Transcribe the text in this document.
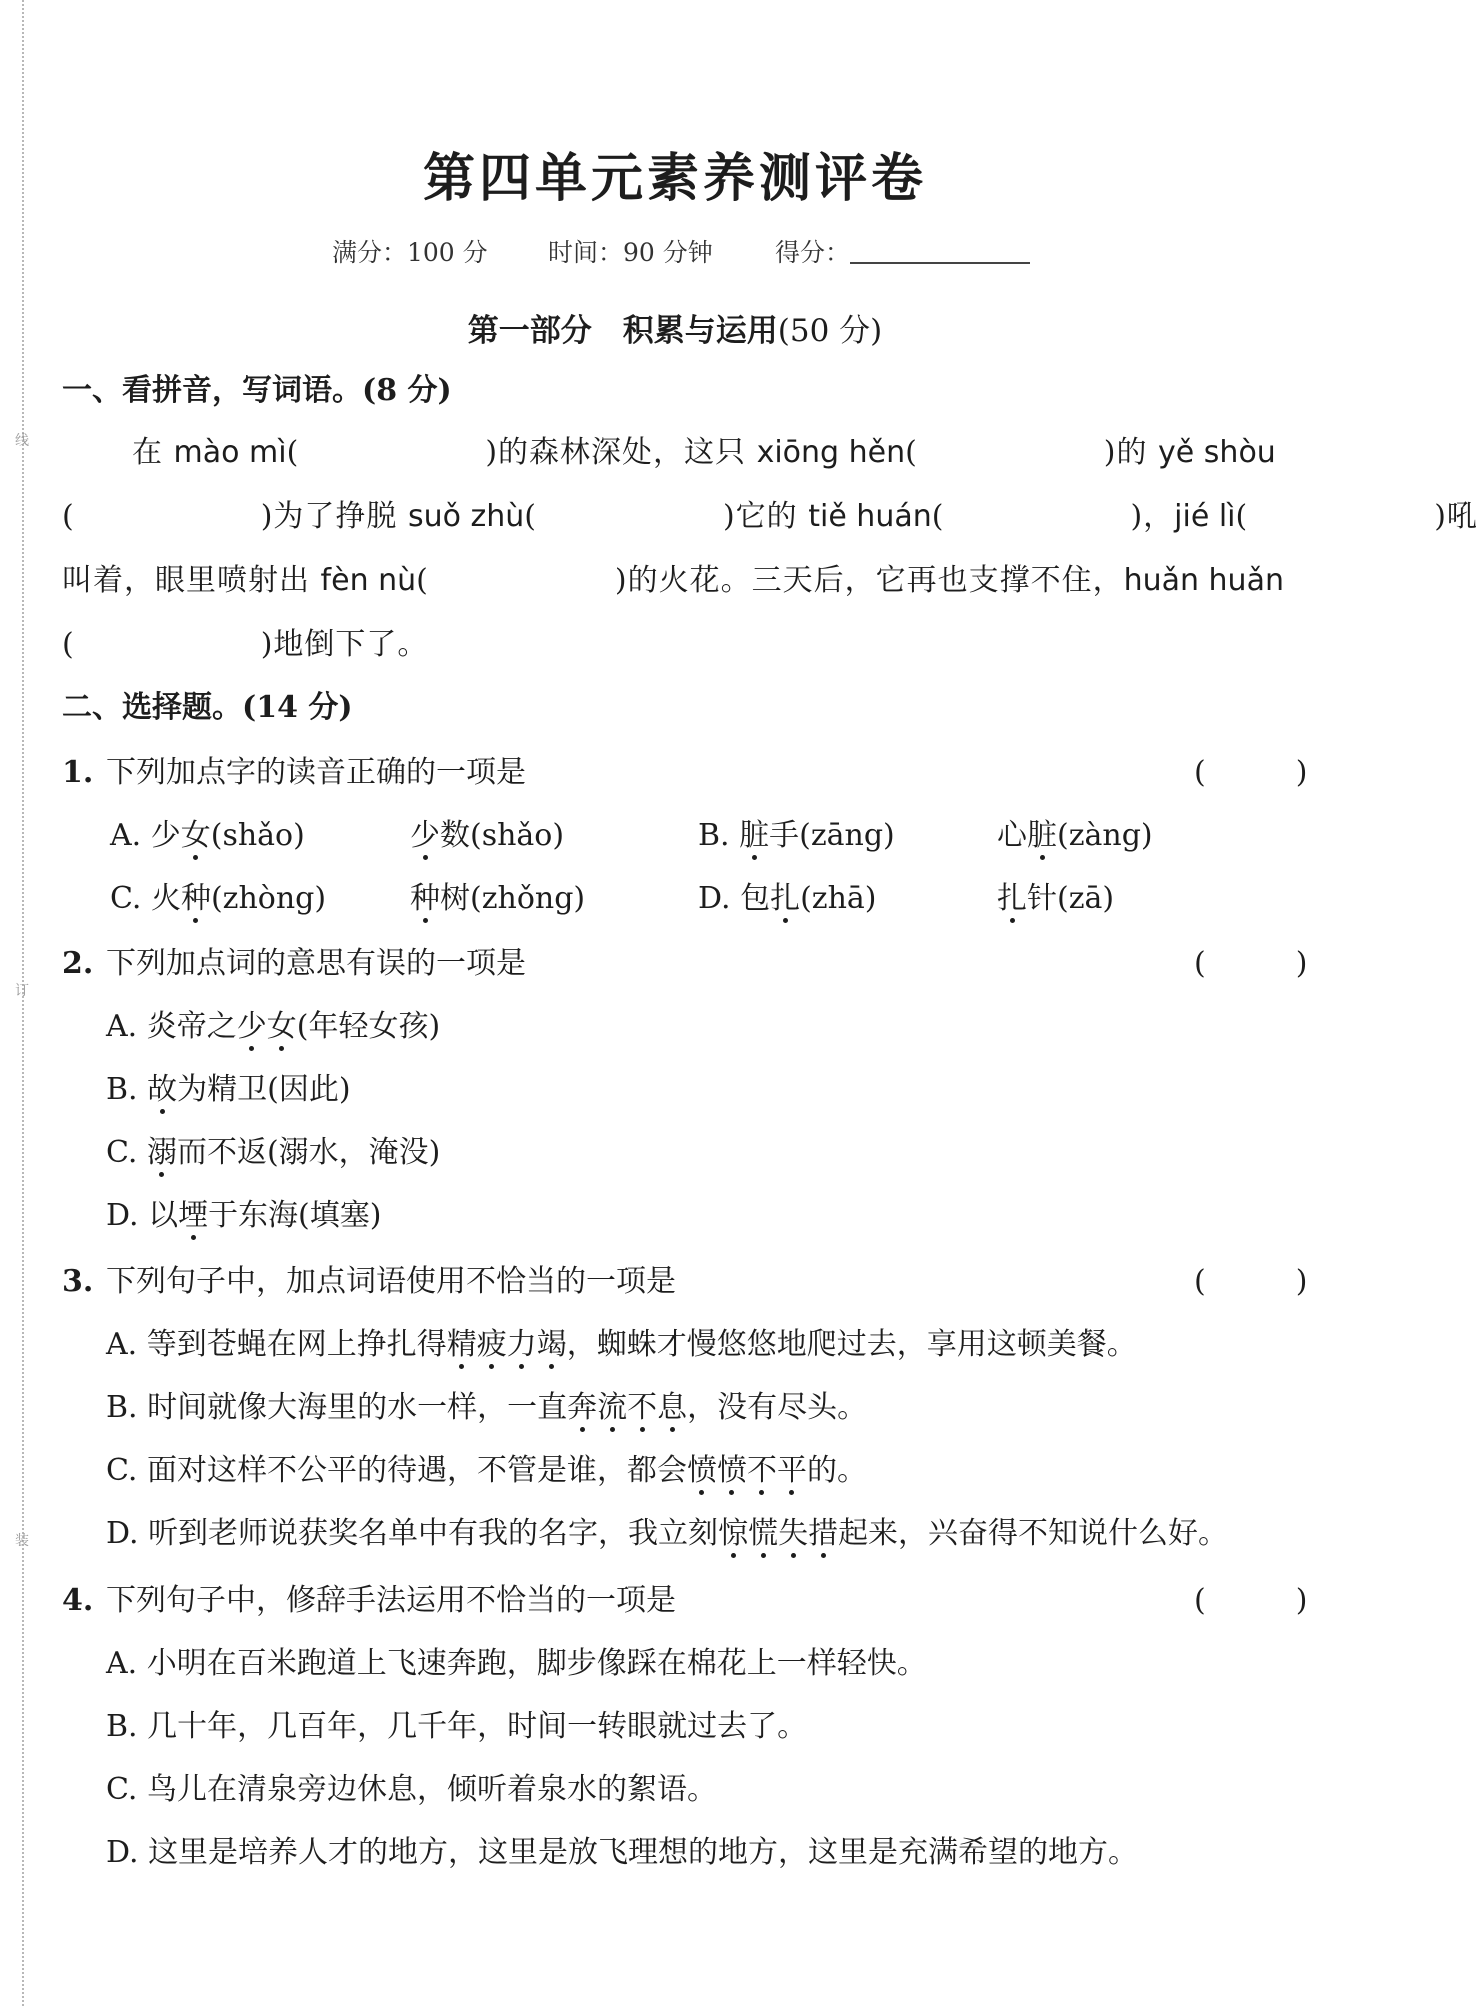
线
订
装
第四单元素养测评卷
满分：100 分 时间：90 分钟 得分：
第一部分　积累与运用(50 分)
一、看拼音，写词语。(8 分)
在 mào mì(　　　　　　)的森林深处，这只 xiōng hěn(　　　　　　)的 yě shòu
(　　　　　　)为了挣脱 suǒ zhù(　　　　　　)它的 tiě huán(　　　　　　)，jié lì(　　　　　　)吼
叫着，眼里喷射出 fèn nù(　　　　　　)的火花。三天后，它再也支撑不住，huǎn huǎn
(　　　　　　)地倒下了。
二、选择题。(14 分)
1. 下列加点字的读音正确的一项是	(　　　)
A. 少女(shǎo)	少数(shǎo)	B. 脏手(zāng)	心脏(zàng)
C. 火种(zhòng)	种树(zhǒng)	D. 包扎(zhā)	扎针(zā)
2. 下列加点词的意思有误的一项是	(　　　)
A. 炎帝之少女(年轻女孩)
B. 故为精卫(因此)
C. 溺而不返(溺水，淹没)
D. 以堙于东海(填塞)
3. 下列句子中，加点词语使用不恰当的一项是	(　　　)
A. 等到苍蝇在网上挣扎得精疲力竭，蜘蛛才慢悠悠地爬过去，享用这顿美餐。
B. 时间就像大海里的水一样，一直奔流不息，没有尽头。
C. 面对这样不公平的待遇，不管是谁，都会愤愤不平的。
D. 听到老师说获奖名单中有我的名字，我立刻惊慌失措起来，兴奋得不知说什么好。
4. 下列句子中，修辞手法运用不恰当的一项是	(　　　)
A. 小明在百米跑道上飞速奔跑，脚步像踩在棉花上一样轻快。
B. 几十年，几百年，几千年，时间一转眼就过去了。
C. 鸟儿在清泉旁边休息，倾听着泉水的絮语。
D. 这里是培养人才的地方，这里是放飞理想的地方，这里是充满希望的地方。
